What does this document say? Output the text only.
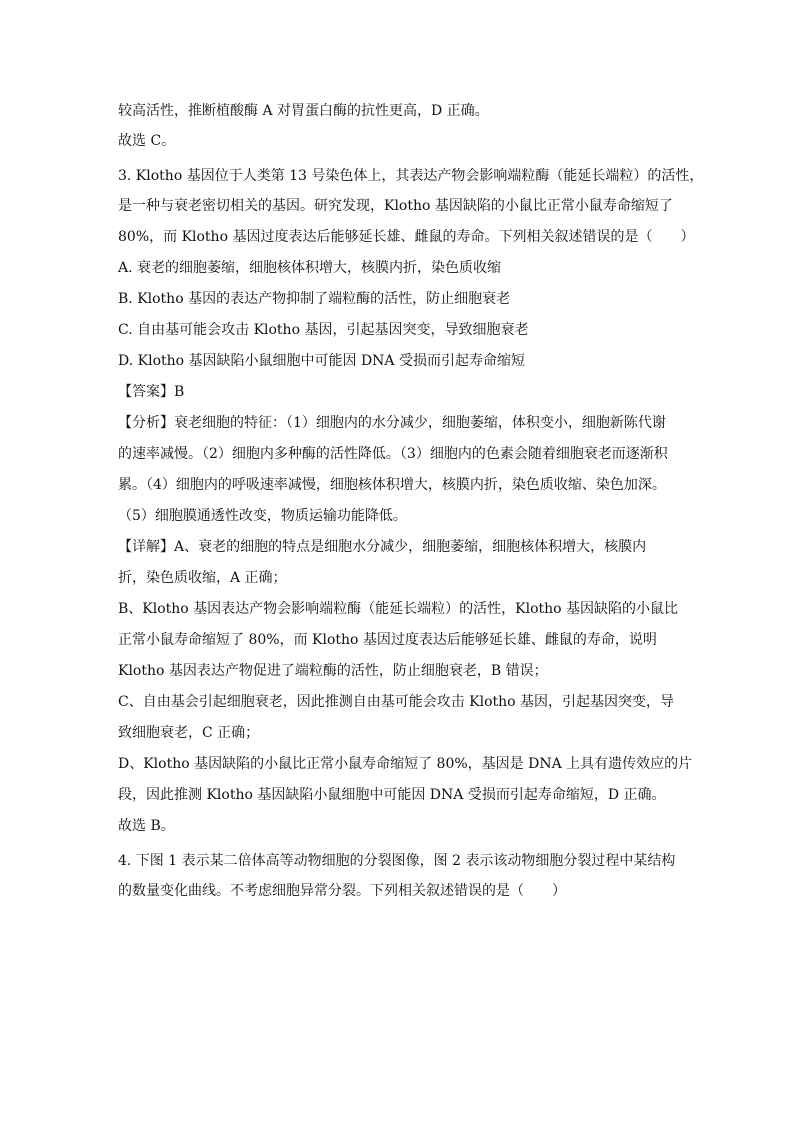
较高活性，推断植酸酶 A 对胃蛋白酶的抗性更高，D 正确。
故选 C。
3. Klotho 基因位于人类第 13 号染色体上，其表达产物会影响端粒酶（能延长端粒）的活性，
是一种与衰老密切相关的基因。研究发现，Klotho 基因缺陷的小鼠比正常小鼠寿命缩短了
80%，而 Klotho 基因过度表达后能够延长雄、雌鼠的寿命。下列相关叙述错误的是（　　）
A. 衰老的细胞萎缩，细胞核体积增大，核膜内折，染色质收缩
B. Klotho 基因的表达产物抑制了端粒酶的活性，防止细胞衰老
C. 自由基可能会攻击 Klotho 基因，引起基因突变，导致细胞衰老
D. Klotho 基因缺陷小鼠细胞中可能因 DNA 受损而引起寿命缩短
【答案】B
【分析】衰老细胞的特征：（1）细胞内的水分减少，细胞萎缩，体积变小，细胞新陈代谢
的速率减慢。（2）细胞内多种酶的活性降低。（3）细胞内的色素会随着细胞衰老而逐渐积
累。（4）细胞内的呼吸速率减慢，细胞核体积增大，核膜内折，染色质收缩、染色加深。
（5）细胞膜通透性改变，物质运输功能降低。
【详解】A、衰老的细胞的特点是细胞水分减少，细胞萎缩，细胞核体积增大，核膜内
折，染色质收缩，A 正确；
B、Klotho 基因表达产物会影响端粒酶（能延长端粒）的活性，Klotho 基因缺陷的小鼠比
正常小鼠寿命缩短了 80%，而 Klotho 基因过度表达后能够延长雄、雌鼠的寿命，说明
Klotho 基因表达产物促进了端粒酶的活性，防止细胞衰老，B 错误；
C、自由基会引起细胞衰老，因此推测自由基可能会攻击 Klotho 基因，引起基因突变，导
致细胞衰老，C 正确；
D、Klotho 基因缺陷的小鼠比正常小鼠寿命缩短了 80%，基因是 DNA 上具有遗传效应的片
段，因此推测 Klotho 基因缺陷小鼠细胞中可能因 DNA 受损而引起寿命缩短，D 正确。
故选 B。
4. 下图 1 表示某二倍体高等动物细胞的分裂图像，图 2 表示该动物细胞分裂过程中某结构
的数量变化曲线。不考虑细胞异常分裂。下列相关叙述错误的是（　　）
